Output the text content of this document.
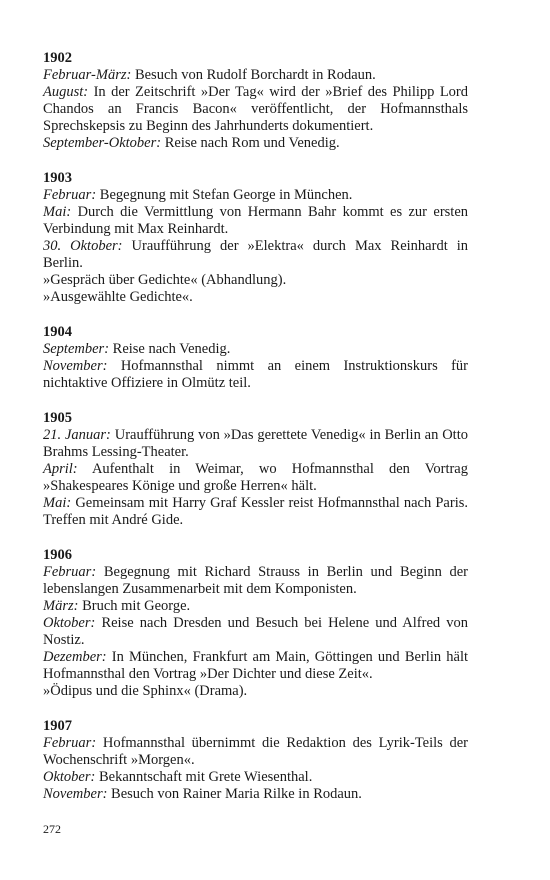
1902
Februar-März: Besuch von Rudolf Borchardt in Rodaun.
August: In der Zeitschrift »Der Tag« wird der »Brief des Philipp Lord Chandos an Francis Bacon« veröffentlicht, der Hofmannsthals Sprechskepsis zu Beginn des Jahrhunderts dokumentiert.
September-Oktober: Reise nach Rom und Venedig.
1903
Februar: Begegnung mit Stefan George in München.
Mai: Durch die Vermittlung von Hermann Bahr kommt es zur ersten Verbindung mit Max Reinhardt.
30. Oktober: Uraufführung der »Elektra« durch Max Reinhardt in Berlin.
»Gespräch über Gedichte« (Abhandlung).
»Ausgewählte Gedichte«.
1904
September: Reise nach Venedig.
November: Hofmannsthal nimmt an einem Instruktionskurs für nichtaktive Offiziere in Olmütz teil.
1905
21. Januar: Uraufführung von »Das gerettete Venedig« in Berlin an Otto Brahms Lessing-Theater.
April: Aufenthalt in Weimar, wo Hofmannsthal den Vortrag »Shakespeares Könige und große Herren« hält.
Mai: Gemeinsam mit Harry Graf Kessler reist Hofmannsthal nach Paris. Treffen mit André Gide.
1906
Februar: Begegnung mit Richard Strauss in Berlin und Beginn der lebenslangen Zusammenarbeit mit dem Komponisten.
März: Bruch mit George.
Oktober: Reise nach Dresden und Besuch bei Helene und Alfred von Nostiz.
Dezember: In München, Frankfurt am Main, Göttingen und Berlin hält Hofmannsthal den Vortrag »Der Dichter und diese Zeit«.
»Ödipus und die Sphinx« (Drama).
1907
Februar: Hofmannsthal übernimmt die Redaktion des Lyrik-Teils der Wochenschrift »Morgen«.
Oktober: Bekanntschaft mit Grete Wiesenthal.
November: Besuch von Rainer Maria Rilke in Rodaun.
272
